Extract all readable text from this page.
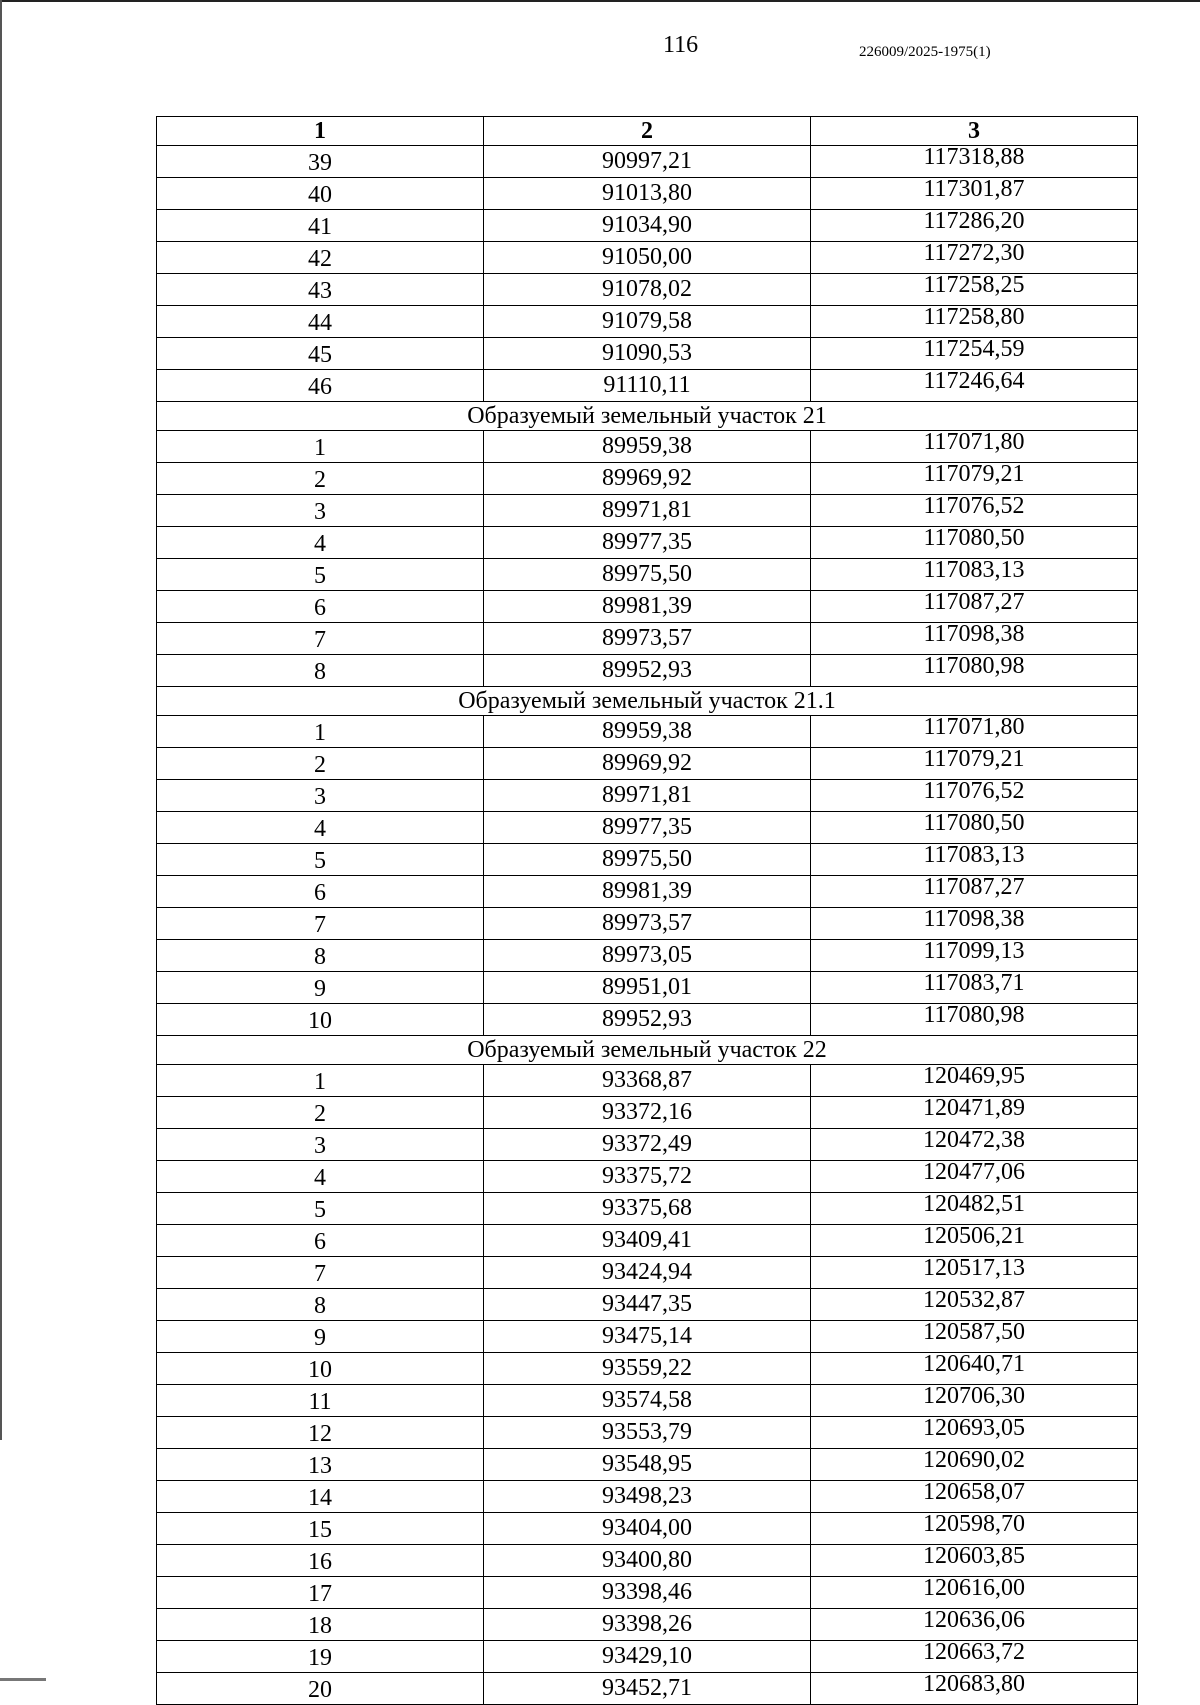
116	226009/2025-1975(1)
1	2	3
39	90997,21	117318,88
40	91013,80	117301,87
41	91034,90	117286,20
42	91050,00	117272,30
43	91078,02	117258,25
44	91079,58	117258,80
45	91090,53	117254,59
46	91110,11	117246,64
Образуемый земельный участок 21		
1	89959,38	117071,80
2	89969,92	117079,21
3	89971,81	117076,52
4	89977,35	117080,50
5	89975,50	117083,13
6	89981,39	117087,27
7	89973,57	117098,38
8	89952,93	117080,98
Образуемый земельный участок 21.1		
1	89959,38	117071,80
2	89969,92	117079,21
3	89971,81	117076,52
4	89977,35	117080,50
5	89975,50	117083,13
6	89981,39	117087,27
7	89973,57	117098,38
8	89973,05	117099,13
9	89951,01	117083,71
10	89952,93	117080,98
Образуемый земельный участок 22		
1	93368,87	120469,95
2	93372,16	120471,89
3	93372,49	120472,38
4	93375,72	120477,06
5	93375,68	120482,51
6	93409,41	120506,21
7	93424,94	120517,13
8	93447,35	120532,87
9	93475,14	120587,50
10	93559,22	120640,71
11	93574,58	120706,30
12	93553,79	120693,05
13	93548,95	120690,02
14	93498,23	120658,07
15	93404,00	120598,70
16	93400,80	120603,85
17	93398,46	120616,00
18	93398,26	120636,06
19	93429,10	120663,72
20	93452,71	120683,80
